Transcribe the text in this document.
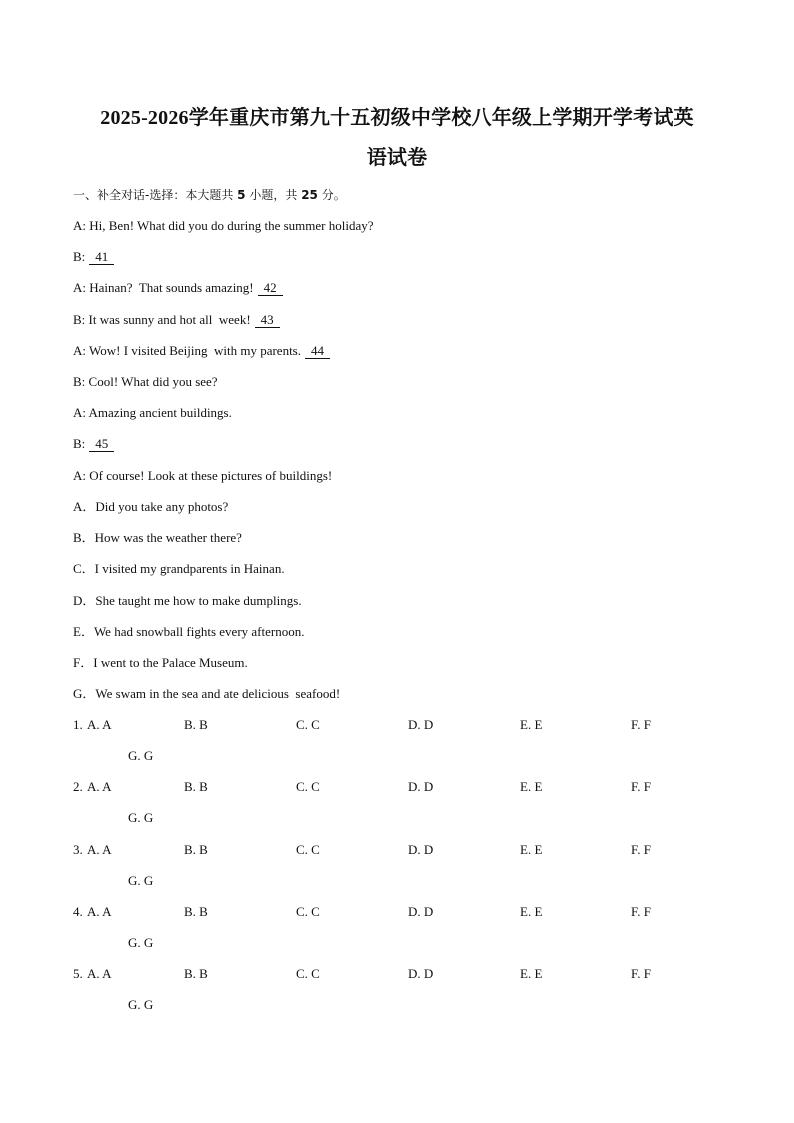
2025-2026学年重庆市第九十五初级中学校八年级上学期开学考试英
语试卷
一、补全对话-选择：本大题共 5 小题，共 25 分。
A: Hi, Ben! What did you do during the summer holiday?
B: 41
A: Hainan?  That sounds amazing! 42
B: It was sunny and hot all  week! 43
A: Wow! I visited Beijing  with my parents. 44
B: Cool! What did you see?
A: Amazing ancient buildings.
B: 45
A: Of course! Look at these pictures of buildings!
A．Did you take any photos?
B．How was the weather there?
C．I visited my grandparents in Hainan.
D．She taught me how to make dumplings.
E．We had snowball fights every afternoon.
F．I went to the Palace Museum.
G．We swam in the sea and ate delicious  seafood!
1. A. A	B. B	C. C	D. D	E. E	F. F
G. G
2. A. A	B. B	C. C	D. D	E. E	F. F
G. G
3. A. A	B. B	C. C	D. D	E. E	F. F
G. G
4. A. A	B. B	C. C	D. D	E. E	F. F
G. G
5. A. A	B. B	C. C	D. D	E. E	F. F
G. G
